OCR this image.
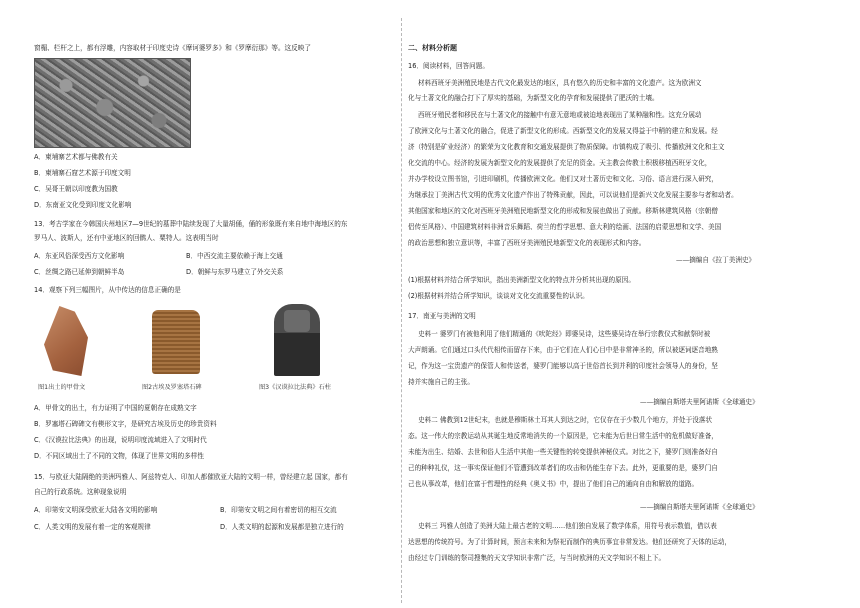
窗楣、栏杆之上，都有浮雕，内容取材于印度史诗《摩诃婆罗多》和《罗摩衍那》等。这反映了
A．柬埔寨艺术都与佛教有关
B．柬埔寨石窟艺术源于印度文明
C．吴哥王朝以印度教为国教
D．东南亚文化受到印度文化影响
13．考古学家在今韩国庆州地区7—9世纪的墓葬中陆续发现了大量胡俑，俑的形象既有来自地中海地区的东
罗马人、波斯人，还有中亚地区的回鹘人、粟特人。这表明当时
A．东亚风俗深受西方文化影响	B．中西交流主要依赖于海上交通
C．丝绸之路已延伸到朝鲜半岛	D．朝鲜与东罗马建立了外交关系
14．观察下列三幅图片，从中传达的信息正确的是
图1出土的甲骨文	图2古埃及罗塞塔石碑	图3《汉谟拉比法典》石柱
A．甲骨文的出土，有力证明了中国的夏朝存在成熟文字
B．罗塞塔石碑碑文有楔形文字，是研究古埃及历史的珍贵资料
C．《汉谟拉比法典》的出现，说明印度流域进入了文明时代
D．不同区域出土了不同的文物，体现了世界文明的多样性
15．与欧亚大陆隔绝的美洲玛雅人、阿兹特克人、印加人都催欧亚大陆的文明一样，曾经建立起 国家，都有
自己的行政系统。这种现象说明
A．印第安文明深受欧亚大陆各文明的影响	B．印第安文明之间有着密切的相互交流
C．人类文明的发展有着一定的客观规律	D．人类文明的起源和发展都是独立进行的
二、材料分析题
16．阅读材料，回答问题。
材料西班牙美洲殖民地是古代文化最发达的地区，具有悠久的历史和丰富的文化遗产。这为欧洲文
化与土著文化的融合打下了厚实的基础，为新型文化的孕育和发展提供了肥沃的土壤。
西班牙殖民者和移民在与土著文化的接触中有意无意地或被迫地表现出了某种融和性。这充分展动
了欧洲文化与土著文化的融合，促进了新型文化的形成。西新型文化的发展又得益于中稍的建立和发展。经
济（特别是矿业经济）的繁荣为文化教育和交通发展提供了物质保障。市镇构成了吸引、传播欧洲文化和主文
化交流的中心。经济的发展为新型文化的发展提供了充足的资金。天主教会传教士积极移植西班牙文化，
并办学校设立图书馆，引进印刷机，传播欧洲文化。他们又对土著历史和文化、习俗、语言进行深入研究，
为继承拉丁美洲古代文明的优秀文化遗产作出了特殊贡献，因此，可以说他们是新兴文化发展主要参与者和动者。
其他国家和地区的文化对西班牙美洲殖民地新型文化的形成和发展也做出了贡献。移斯林建筑风格（宗朝僧
侣传至风格）、中国建筑材料非洲音乐舞蹈、荷兰的哲学思想、意大利的绘画、法国的启蒙思想和文学、美国
的政治思想和独立意识等，丰富了西班牙美洲殖民地新型文化的表现形式和内容。
——摘编自《拉丁美洲史》
(1)根据材料并结合所学知识，指出美洲新型文化的特点并分析其出现的原因。
(2)根据材料并结合所学知识，谈谈对文化交流重要性的认识。
17．南亚与美洲的文明
史料一 婆罗门有被他利用了他们精通的《吠陀经》即婆吴诗，这些婆吴诗在举行宗教仪式和献祭时被
大声朗诵。它们通过口头代代相传而留存下来，由于它们在人们心目中是非常神圣的，所以被逐词逐音地熟
记，作为这一宝贵遗产的保管人和传送者，婆罗门能够以高于世俗首长到并利的印度社会领导人的身份，坚
持并实施自己的主张。
——摘编自斯塔夫里阿诺斯《全球通史》
史料二 佛教到12世纪末，也就是穆斯林土耳其人到达之时，它仅存在于少数几个地方，并处于没落状
态。这一伟大的宗教运动从其诞生地反常地消失的一个原因是，它未能为后世日常生活中的危机做好准备，
未能为出生、结婚、去世和俗人生活中其他一些关键性的转变提供神秘仪式。对比之下，婆罗门则准备好自
己的种种礼仪，这一事实保证他们不管遭到改革者们的攻击和仍能生存下去。此外，更重要的是，婆罗门自
己也从事改革，他们在富于哲理性的经典《奥义书》中，提出了他们自己的通向自由和解放的道路。
——摘编自斯塔夫里阿诺斯《全球通史》
史料三 玛雅人创造了美洲大陆上最古老的文明……他们独自发展了数学体系，用符号表示数值，借以表
达思想的传统符号。为了计算时间，预言未来和为祭祀而制作的典历事宜非常发达。他们还研究了天体的运动，
由经过专门训练的祭司搜集的天文学知识非常广泛，与当时欧洲的天文学知识不相上下。
